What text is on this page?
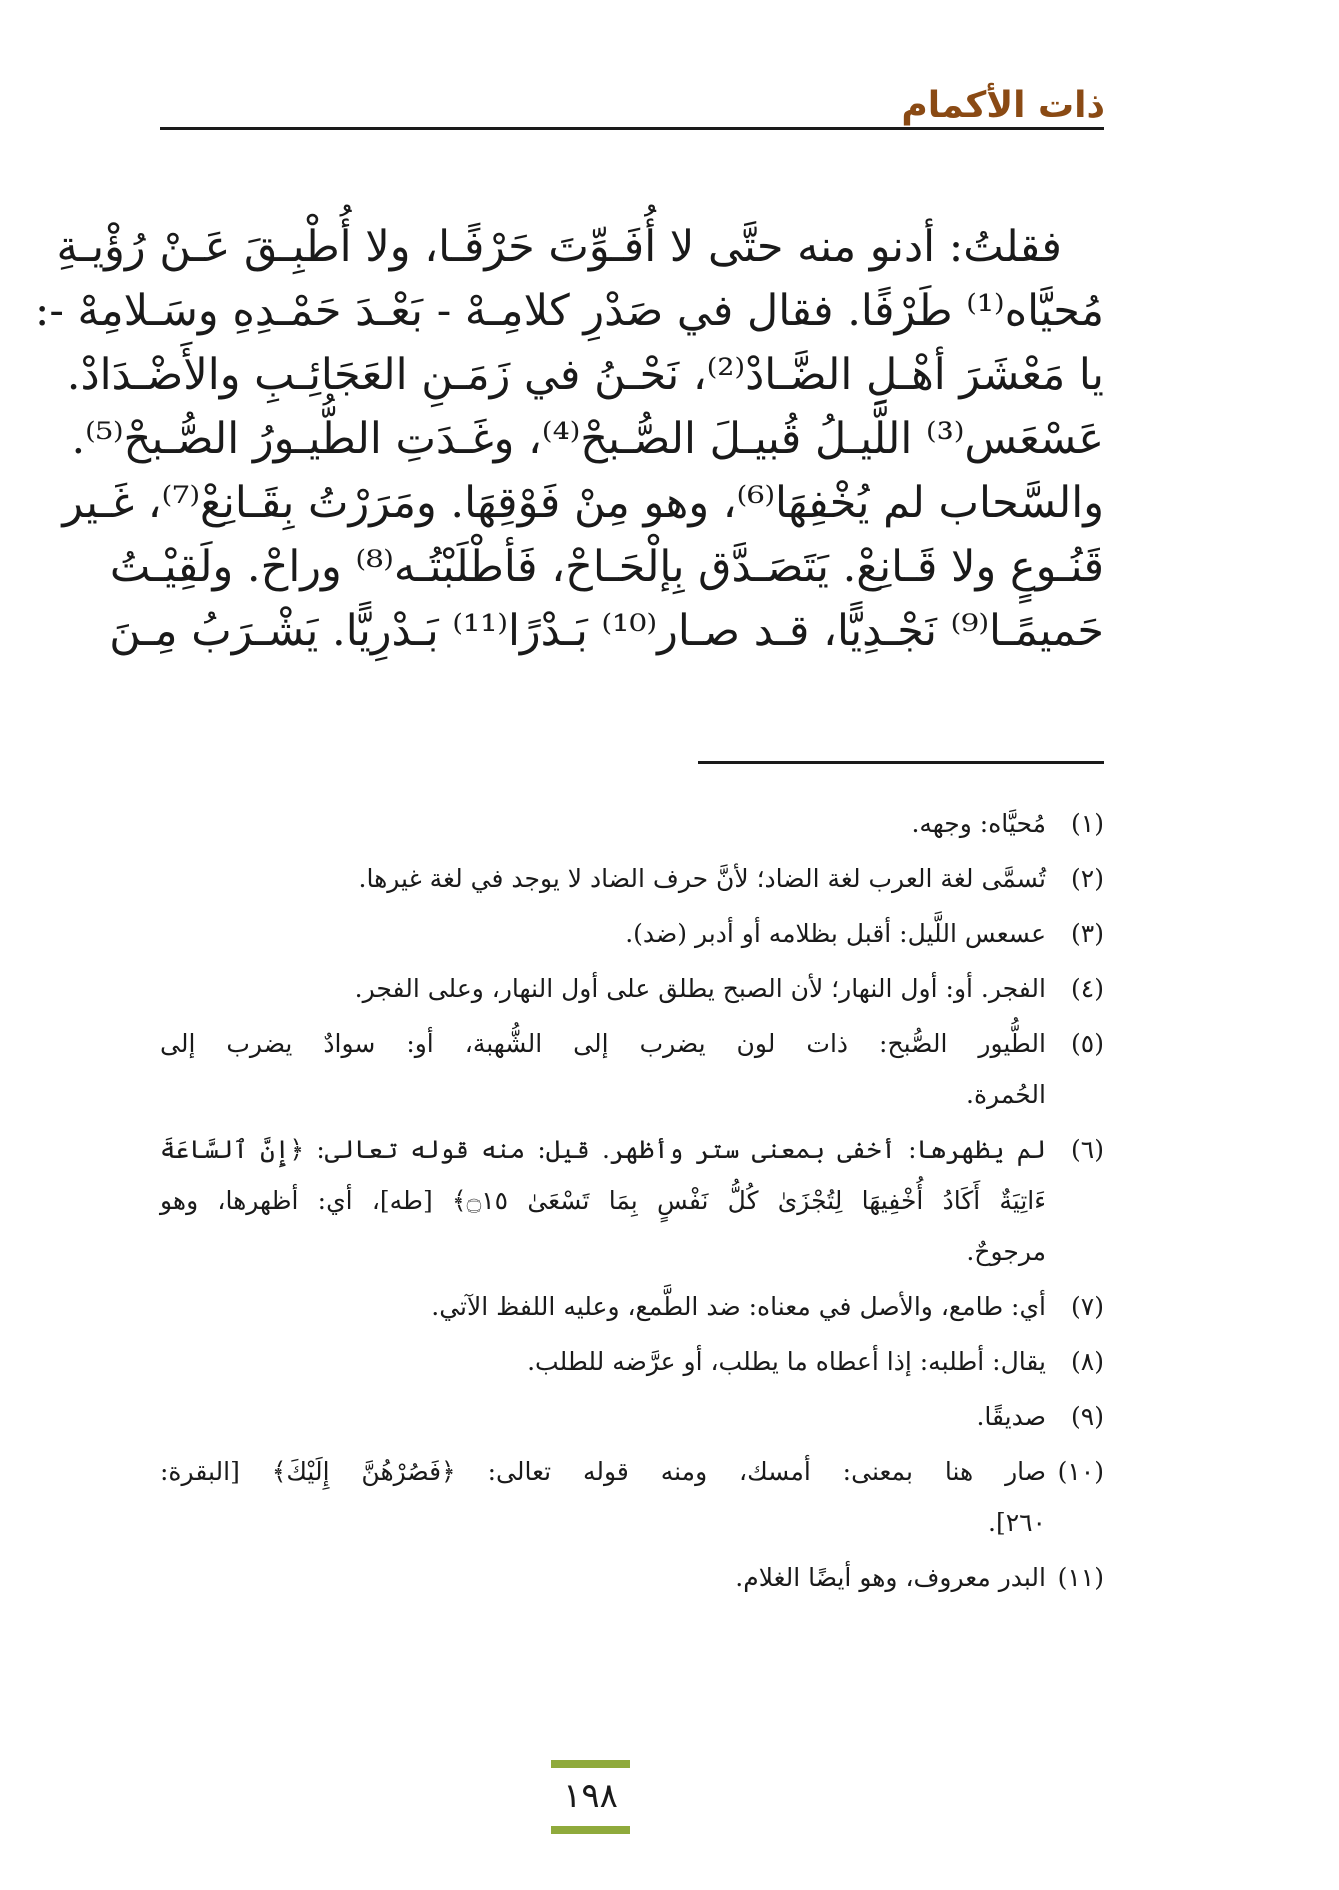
ذات الأكمام
فقلتُ: أدنو منه حتَّى لا أُفَـوِّتَ حَرْفًـا، ولا أُطْبِـقَ عَـنْ رُؤْيـةِ
مُحيَّاه⁽¹⁾ طَرْفًا. فقال في صَدْرِ كلامِـهْ - بَعْـدَ حَمْـدِهِ وسَـلامِهْ -:
يا مَعْشَرَ أهْـلِ الضَّـادْ⁽²⁾، نَحْـنُ في زَمَـنِ العَجَائِـبِ والأَضْـدَادْ.
عَسْعَس⁽³⁾ اللَّيـلُ قُبيـلَ الصُّـبحْ⁽⁴⁾، وغَـدَتِ الطُّيـورُ الصُّـبحْ⁽⁵⁾.
والسَّحاب لم يُخْفِهَا⁽⁶⁾، وهو مِنْ فَوْقِهَا. ومَرَرْتُ بِقَـانِعْ⁽⁷⁾، غَـير
قَنُـوعٍ ولا قَـانِعْ. يَتَصَـدَّق بِإلْحَـاحْ، فَأطْلَبْتُـه⁽⁸⁾ وراحْ. ولَقِيْـتُ
حَميمًـا⁽⁹⁾ نَجْـدِيًّا، قـد صـار⁽¹⁰⁾ بَـدْرًا⁽¹¹⁾ بَـدْرِيًّا. يَشْـرَبُ مِـنَ
(١)
مُحيَّاه: وجهه.
(٢)
تُسمَّى لغة العرب لغة الضاد؛ لأنَّ حرف الضاد لا يوجد في لغة غيرها.
(٣)
عسعس اللَّيل: أقبل بظلامه أو أدبر (ضد).
(٤)
الفجر. أو: أول النهار؛ لأن الصبح يطلق على أول النهار، وعلى الفجر.
(٥)
الطُّيور الصُّبح: ذات لون يضرب إلى الشُّهبة، أو: سوادٌ يضرب إلى
الحُمرة.
(٦)
لم يظهرها: أخفى بمعنى ستر وأظهر. قيل: منه قوله تعالى: ﴿إِنَّ ٱلسَّاعَةَ
ءَاتِيَةٌ أَكَادُ أُخْفِيهَا لِتُجْزَىٰ كُلُّ نَفْسٍ بِمَا تَسْعَىٰ ۝١٥﴾ [طه]، أي: أظهرها، وهو
مرجوحٌ.
(٧)
أي: طامع، والأصل في معناه: ضد الطَّمع، وعليه اللفظ الآتي.
(٨)
يقال: أطلبه: إذا أعطاه ما يطلب، أو عرَّضه للطلب.
(٩)
صديقًا.
(١٠)
صار هنا بمعنى: أمسك، ومنه قوله تعالى: ﴿فَصُرْهُنَّ إِلَيْكَ﴾ [البقرة:
٢٦٠].
(١١)
البدر معروف، وهو أيضًا الغلام.
١٩٨
